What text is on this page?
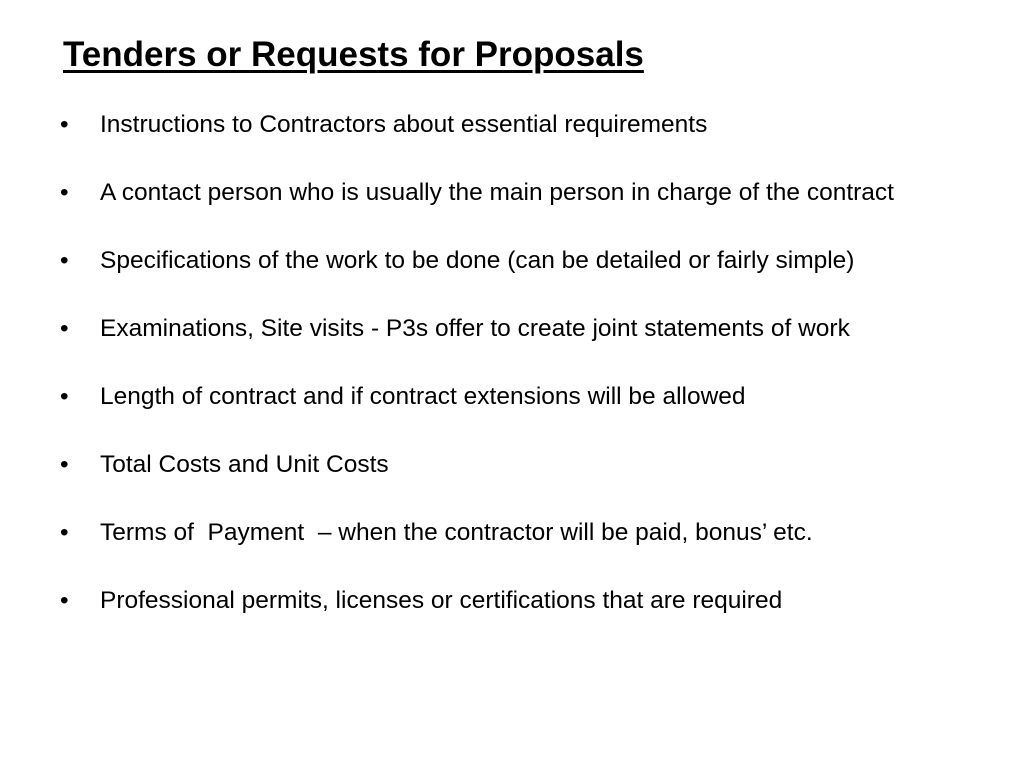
Tenders or Requests for Proposals
• Instructions to Contractors about essential requirements
• A contact person who is usually the main person in charge of the contract
• Specifications of the work to be done (can be detailed or fairly simple)
• Examinations, Site visits - P3s offer to create joint statements of work
• Length of contract and if contract extensions will be allowed
• Total Costs and Unit Costs
• Terms of  Payment  – when the contractor will be paid, bonus’ etc.
• Professional permits, licenses or certifications that are required
